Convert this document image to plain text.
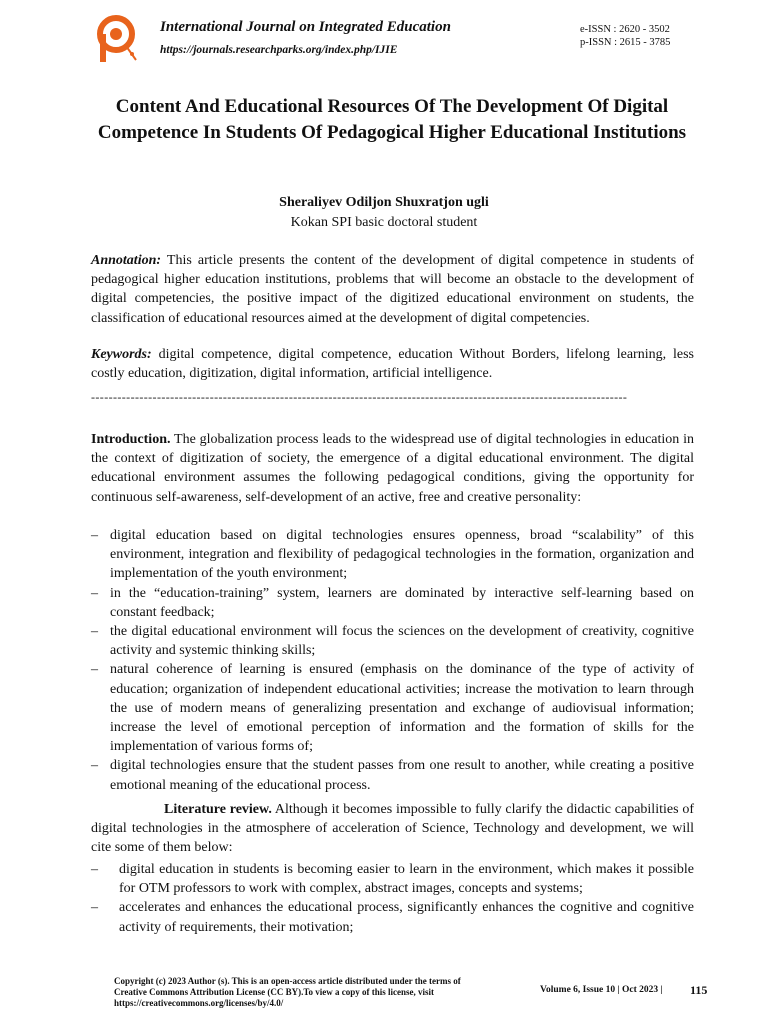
International Journal on Integrated Education
https://journals.researchparks.org/index.php/IJIE
e-ISSN : 2620 - 3502
p-ISSN : 2615 - 3785
Content And Educational Resources Of The Development Of Digital Competence In Students Of Pedagogical Higher Educational Institutions
Sheraliyev Odiljon Shuxratjon ugli
Kokan SPI basic doctoral student

Annotation: This article presents the content of the development of digital competence in students of pedagogical higher education institutions, problems that will become an obstacle to the development of digital competencies, the positive impact of the digitized educational environment on students, the classification of educational resources aimed at the development of digital competencies.

Keywords: digital competence, digital competence, education Without Borders, lifelong learning, less costly education, digitization, digital information, artificial intelligence.

--------------------------------------------------------------------------------------------------------------------------

Introduction. The globalization process leads to the widespread use of digital technologies in education in the context of digitization of society, the emergence of a digital educational environment. The digital educational environment assumes the following pedagogical conditions, giving the opportunity for continuous self-awareness, self-development of an active, free and creative personality:

– digital education based on digital technologies ensures openness, broad “scalability” of this environment, integration and flexibility of pedagogical technologies in the formation, organization and implementation of the youth environment;
– in the “education-training” system, learners are dominated by interactive self-learning based on constant feedback;
– the digital educational environment will focus the sciences on the development of creativity, cognitive activity and systemic thinking skills;
– natural coherence of learning is ensured (emphasis on the dominance of the type of activity of education; organization of independent educational activities; increase the motivation to learn through the use of modern means of generalizing presentation and exchange of audiovisual information; increase the level of emotional perception of information and the formation of skills for the implementation of various forms of;
– digital technologies ensure that the student passes from one result to another, while creating a positive emotional meaning of the educational process.

Literature review. Although it becomes impossible to fully clarify the didactic capabilities of digital technologies in the atmosphere of acceleration of Science, Technology and development, we will cite some of them below:

– digital education in students is becoming easier to learn in the environment, which makes it possible for OTM professors to work with complex, abstract images, concepts and systems;
– accelerates and enhances the educational process, significantly enhances the cognitive and cognitive activity of requirements, their motivation;
Copyright (c) 2023 Author (s). This is an open-access article distributed under the terms of Creative Commons Attribution License (CC BY).To view a copy of this license, visit https://creativecommons.org/licenses/by/4.0/
Volume 6, Issue 10 | Oct 2023 | 115
